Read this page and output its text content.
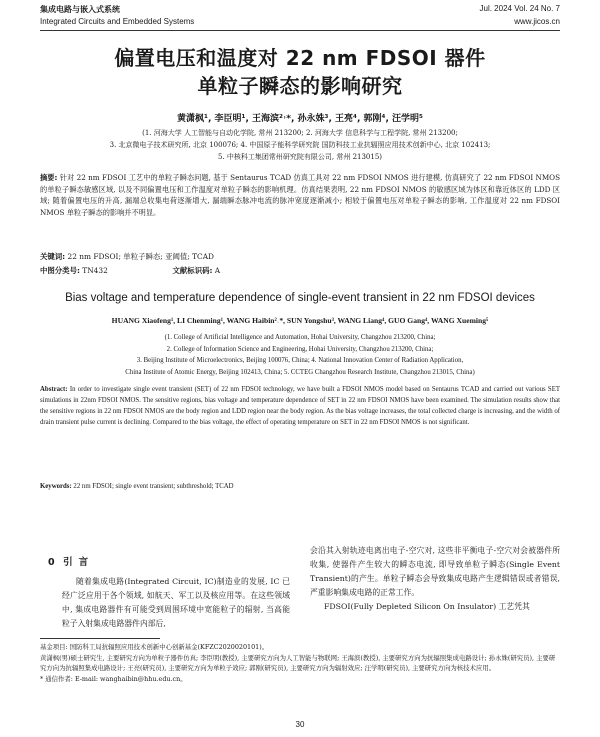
集成电路与嵌入式系统	Jul. 2024 Vol. 24 No. 7
Integrated Circuits and Embedded Systems	www.jicos.cn
偏置电压和温度对 22 nm FDSOI 器件
单粒子瞬态的影响研究
黄潇枫¹, 李臣明¹, 王海滨²˒*, 孙永姝³, 王亮⁴, 郭刚⁴, 汪学明⁵
(1. 河海大学 人工智能与自动化学院, 常州 213200; 2. 河海大学 信息科学与工程学院, 常州 213200;
3. 北京微电子技术研究所, 北京 100076; 4. 中国原子能科学研究院 国防科技工业抗辐照应用技术创新中心, 北京 102413;
5. 中核科工集团常州研究院有限公司, 常州 213015)
摘要: 针对 22 nm FDSOI 工艺中的单粒子瞬态问题, 基于 Sentaurus TCAD 仿真工具对 22 nm FDSOI NMOS 进行建模, 仿真研究了 22 nm FDSOI NMOS 的单粒子瞬态敏感区域, 以及不同偏置电压和工作温度对单粒子瞬态的影响机理。仿真结果表明, 22 nm FDSOI NMOS 的敏感区域为体区和靠近体区的 LDD 区域; 随着偏置电压的升高, 漏端总收集电荷逐渐增大, 漏端瞬态脉冲电流的脉冲宽度逐渐减小; 相较于偏置电压对单粒子瞬态的影响, 工作温度对 22 nm FDSOI NMOS 单粒子瞬态的影响并不明显。
关键词: 22 nm FDSOI; 单粒子瞬态; 亚阈值; TCAD
中图分类号: TN432	文献标识码: A
Bias voltage and temperature dependence of single-event transient in 22 nm FDSOI devices
HUANG Xiaofeng¹, LI Chenming¹, WANG Haibin²˒*, SUN Yongshu³, WANG Liang⁴, GUO Gang⁴, WANG Xueming⁵
(1. College of Artificial Intelligence and Automation, Hohai University, Changzhou 213200, China;
2. College of Information Science and Engineering, Hohai University, Changzhou 213200, China;
3. Beijing Institute of Microelectronics, Beijing 100076, China; 4. National Innovation Center of Radiation Application,
China Institute of Atomic Energy, Beijing 102413, China; 5. CCTEG Changzhou Research Institute, Changzhou 213015, China)
Abstract: In order to investigate single event transient (SET) of 22 nm FDSOI technology, we have built a FDSOI NMOS model based on Sentaurus TCAD and carried out various SET simulations in 22nm FDSOI NMOS. The sensitive regions, bias voltage and temperature dependence of SET in 22 nm FDSOI NMOS have been examined. The simulation results show that the sensitive regions in 22 nm FDSOI NMOS are the body region and LDD region near the body region. As the bias voltage increases, the total collected charge is increasing, and the width of drain transient pulse current is declining. Compared to the bias voltage, the effect of operating temperature on SET in 22 nm FDSOI NMOS is not significant.
Keywords: 22 nm FDSOI; single event transient; subthreshold; TCAD
0 引言
随着集成电路(Integrated Circuit, IC)制造业的发展, IC 已经广泛应用于各个领域, 如航天、军工以及核应用等。在这些领域中, 集成电路器件有可能受到周围环境中宽能粒子的辐射, 当高能粒子入射集成电路器件内部后,
会沿其入射轨迹电离出电子-空穴对, 这些非平衡电子-空穴对会被器件所收集, 使器件产生较大的瞬态电流, 即导致单粒子瞬态(Single Event Transient)的产生。单粒子瞬态会导致集成电路产生逻辑错误或者错误, 严重影响集成电路的正常工作。
FDSOI(Fully Depleted Silicon On Insulator) 工艺凭其
基金项目: 国防科工局抗辐照应用技术创新中心创新基金(KFZC2020020101)。
黄潇枫(男)硕士研究生, 主要研究方向为单粒子器件仿真; 李臣明(教授), 主要研究方向为人工智能与物联网; 王海滨(教授), 主要研究方向为抗辐照集成电路设计; 孙永姝(研究员), 主要研究方向为抗辐照集成电路设计; 王亮(研究员), 主要研究方向为单粒子效应; 郭刚(研究员), 主要研究方向为辐射效应; 汪学明(研究员), 主要研究方向为核技术应用。
* 通信作者: E-mail: wanghaibin@hhu.edu.cn。
30
